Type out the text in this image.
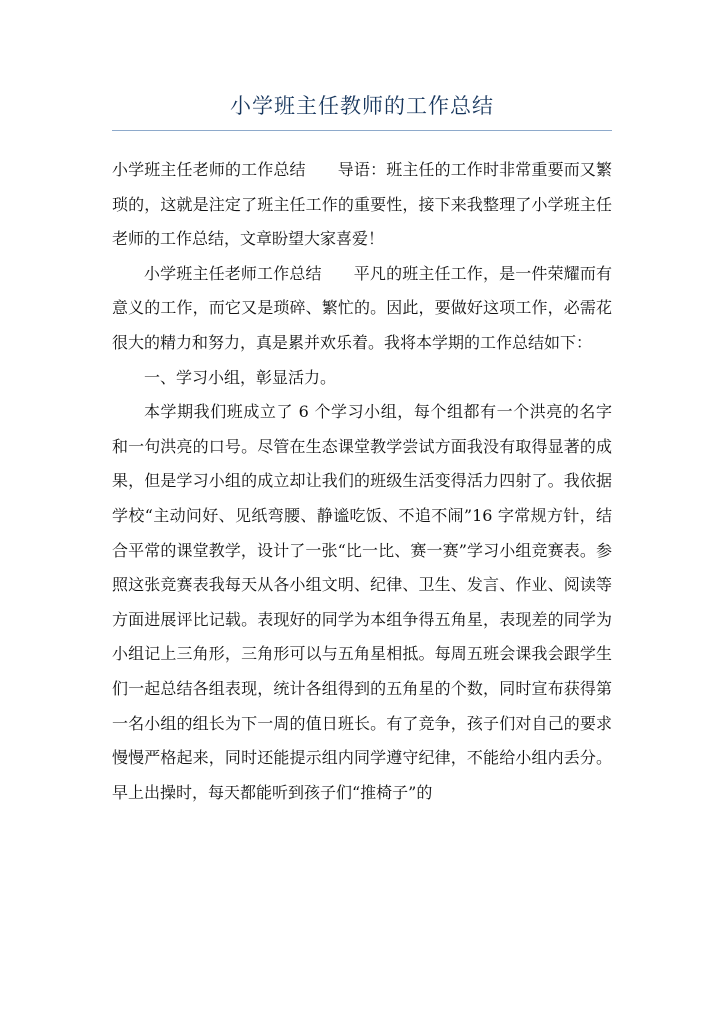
小学班主任教师的工作总结

小学班主任老师的工作总结 导语：班主任的工作时非常重要而又繁琐的，这就是注定了班主任工作的重要性，接下来我整理了小学班主任老师的工作总结，文章盼望大家喜爱！

小学班主任老师工作总结 平凡的班主任工作，是一件荣耀而有意义的工作，而它又是琐碎、繁忙的。因此，要做好这项工作，必需花很大的精力和努力，真是累并欢乐着。我将本学期的工作总结如下：

一、学习小组，彰显活力。

本学期我们班成立了 6 个学习小组，每个组都有一个洪亮的名字和一句洪亮的口号。尽管在生态课堂教学尝试方面我没有取得显著的成果，但是学习小组的成立却让我们的班级生活变得活力四射了。我依据学校“主动问好、见纸弯腰、静谧吃饭、不追不闹”16 字常规方针，结合平常的课堂教学，设计了一张“比一比、赛一赛”学习小组竞赛表。参照这张竞赛表我每天从各小组文明、纪律、卫生、发言、作业、阅读等方面进展评比记载。表现好的同学为本组争得五角星，表现差的同学为小组记上三角形，三角形可以与五角星相抵。每周五班会课我会跟学生们一起总结各组表现，统计各组得到的五角星的个数，同时宣布获得第一名小组的组长为下一周的值日班长。有了竞争，孩子们对自己的要求慢慢严格起来，同时还能提示组内同学遵守纪律，不能给小组内丢分。早上出操时，每天都能听到孩子们“推椅子”的
